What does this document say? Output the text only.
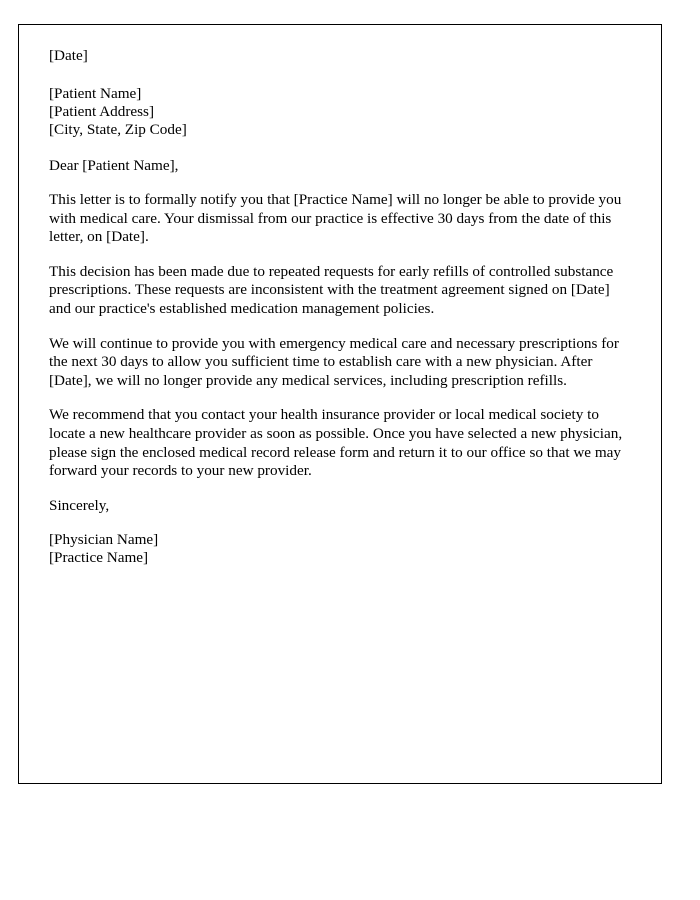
[Date]
[Patient Name]
[Patient Address]
[City, State, Zip Code]
Dear [Patient Name],
This letter is to formally notify you that [Practice Name] will no longer be able to provide you with medical care. Your dismissal from our practice is effective 30 days from the date of this letter, on [Date].
This decision has been made due to repeated requests for early refills of controlled substance prescriptions. These requests are inconsistent with the treatment agreement signed on [Date] and our practice's established medication management policies.
We will continue to provide you with emergency medical care and necessary prescriptions for the next 30 days to allow you sufficient time to establish care with a new physician. After [Date], we will no longer provide any medical services, including prescription refills.
We recommend that you contact your health insurance provider or local medical society to locate a new healthcare provider as soon as possible. Once you have selected a new physician, please sign the enclosed medical record release form and return it to our office so that we may forward your records to your new provider.
Sincerely,
[Physician Name]
[Practice Name]
